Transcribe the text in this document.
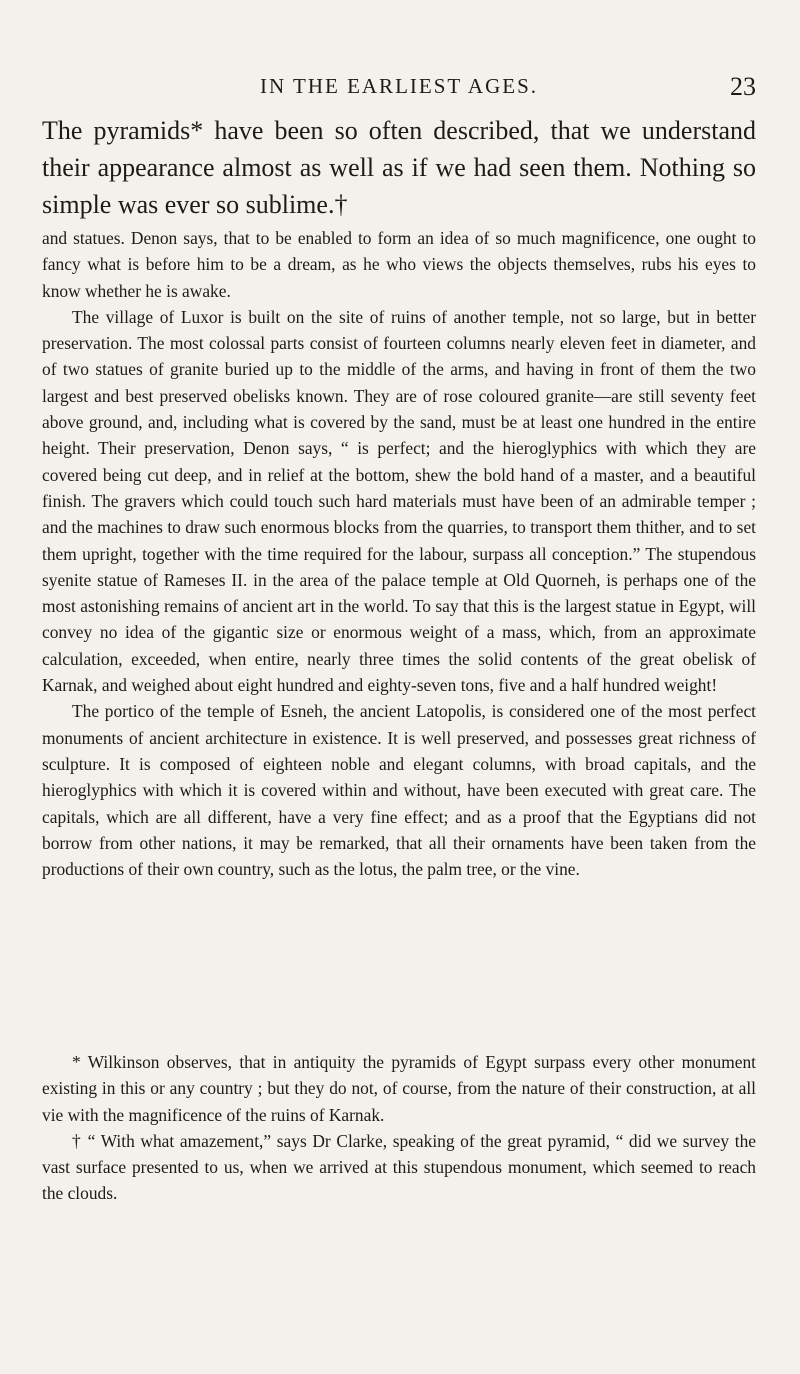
IN THE EARLIEST AGES.	23

The pyramids* have been so often described, that we understand their appearance almost as well as if we had seen them. Nothing so simple was ever so sublime.†

and statues. Denon says, that to be enabled to form an idea of so much magnificence, one ought to fancy what is before him to be a dream, as he who views the objects themselves, rubs his eyes to know whether he is awake.

The village of Luxor is built on the site of ruins of another temple, not so large, but in better preservation. The most colossal parts consist of fourteen columns nearly eleven feet in diameter, and of two statues of granite buried up to the middle of the arms, and having in front of them the two largest and best preserved obelisks known. They are of rose coloured granite—are still seventy feet above ground, and, including what is covered by the sand, must be at least one hundred in the entire height. Their preservation, Denon says, “ is perfect; and the hieroglyphics with which they are covered being cut deep, and in relief at the bottom, shew the bold hand of a master, and a beautiful finish. The gravers which could touch such hard materials must have been of an admirable temper ; and the machines to draw such enormous blocks from the quarries, to transport them thither, and to set them upright, together with the time required for the labour, surpass all conception.” The stupendous syenite statue of Rameses II. in the area of the palace temple at Old Quorneh, is perhaps one of the most astonishing remains of ancient art in the world. To say that this is the largest statue in Egypt, will convey no idea of the gigantic size or enormous weight of a mass, which, from an approximate calculation, exceeded, when entire, nearly three times the solid contents of the great obelisk of Karnak, and weighed about eight hundred and eighty-seven tons, five and a half hundred weight!

The portico of the temple of Esneh, the ancient Latopolis, is considered one of the most perfect monuments of ancient architecture in existence. It is well preserved, and possesses great richness of sculpture. It is composed of eighteen noble and elegant columns, with broad capitals, and the hieroglyphics with which it is covered within and without, have been executed with great care. The capitals, which are all different, have a very fine effect; and as a proof that the Egyptians did not borrow from other nations, it may be remarked, that all their ornaments have been taken from the productions of their own country, such as the lotus, the palm tree, or the vine.

* Wilkinson observes, that in antiquity the pyramids of Egypt surpass every other monument existing in this or any country ; but they do not, of course, from the nature of their construction, at all vie with the magnificence of the ruins of Karnak.

† “ With what amazement,” says Dr Clarke, speaking of the great pyramid, “ did we survey the vast surface presented to us, when we arrived at this stupendous monument, which seemed to reach the clouds.
